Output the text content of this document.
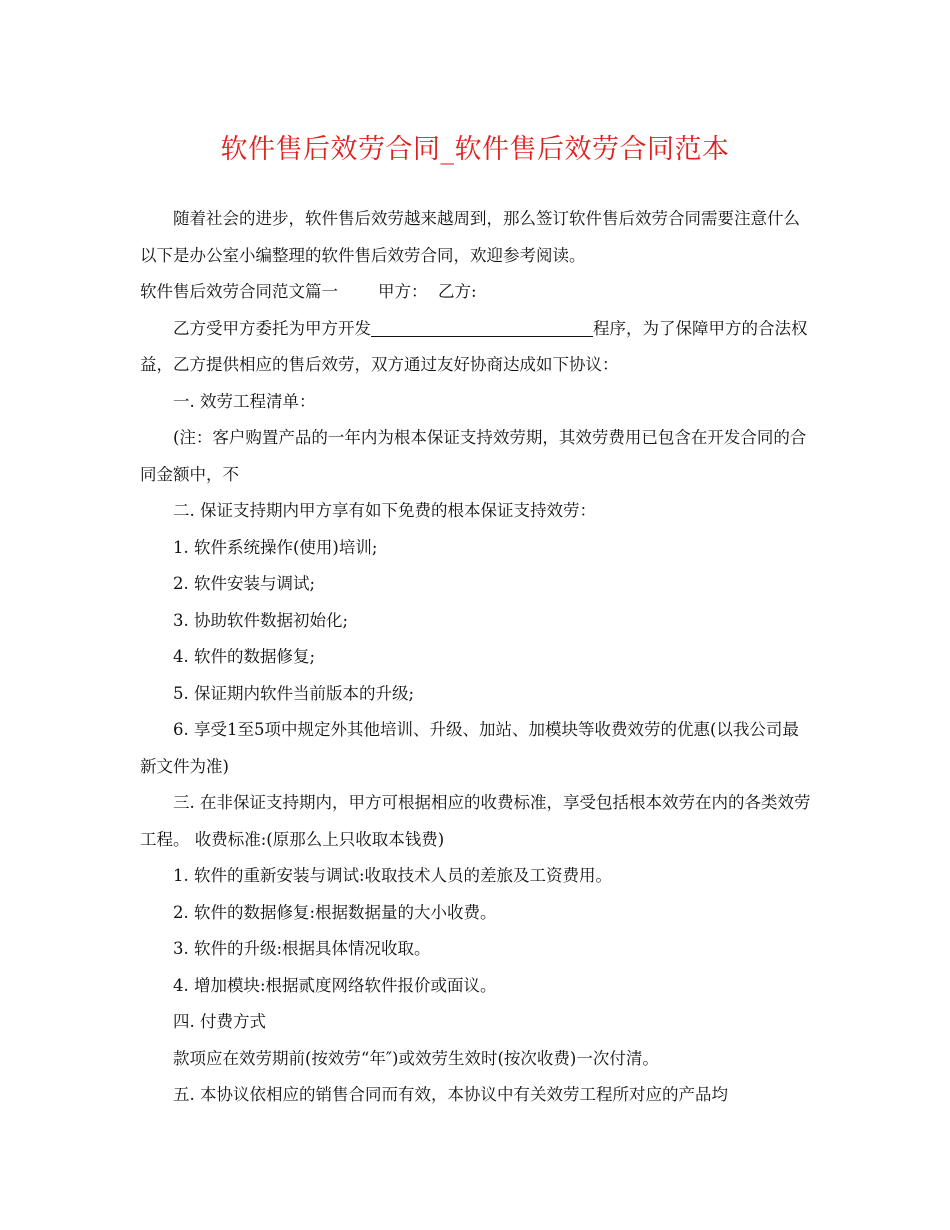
软件售后效劳合同_软件售后效劳合同范本

随着社会的进步，软件售后效劳越来越周到，那么签订软件售后效劳合同需要注意什么以下是办公室小编整理的软件售后效劳合同，欢迎参考阅读。

软件售后效劳合同范文篇一 甲方： 乙方:

乙方受甲方委托为甲方开发	程序，为了保障甲方的合法权益，乙方提供相应的售后效劳，双方通过友好协商达成如下协议：

一. 效劳工程清单：

(注：客户购置产品的一年内为根本保证支持效劳期，其效劳费用已包含在开发合同的合同金额中，不

二. 保证支持期内甲方享有如下免费的根本保证支持效劳：

1. 软件系统操作(使用)培训;

2. 软件安装与调试;

3. 协助软件数据初始化;

4. 软件的数据修复;

5. 保证期内软件当前版本的升级;

6. 享受1至5项中规定外其他培训、升级、加站、加模块等收费效劳的优惠(以我公司最新文件为准)

三. 在非保证支持期内，甲方可根据相应的收费标准，享受包括根本效劳在内的各类效劳工程。 收费标准:(原那么上只收取本钱费)

1. 软件的重新安装与调试:收取技术人员的差旅及工资费用。

2. 软件的数据修复:根据数据量的大小收费。

3. 软件的升级:根据具体情况收取。

4. 增加模块:根据贰度网络软件报价或面议。

四. 付费方式

款项应在效劳期前(按效劳“年″)或效劳生效时(按次收费)一次付清。

五. 本协议依相应的销售合同而有效，本协议中有关效劳工程所对应的产品均
